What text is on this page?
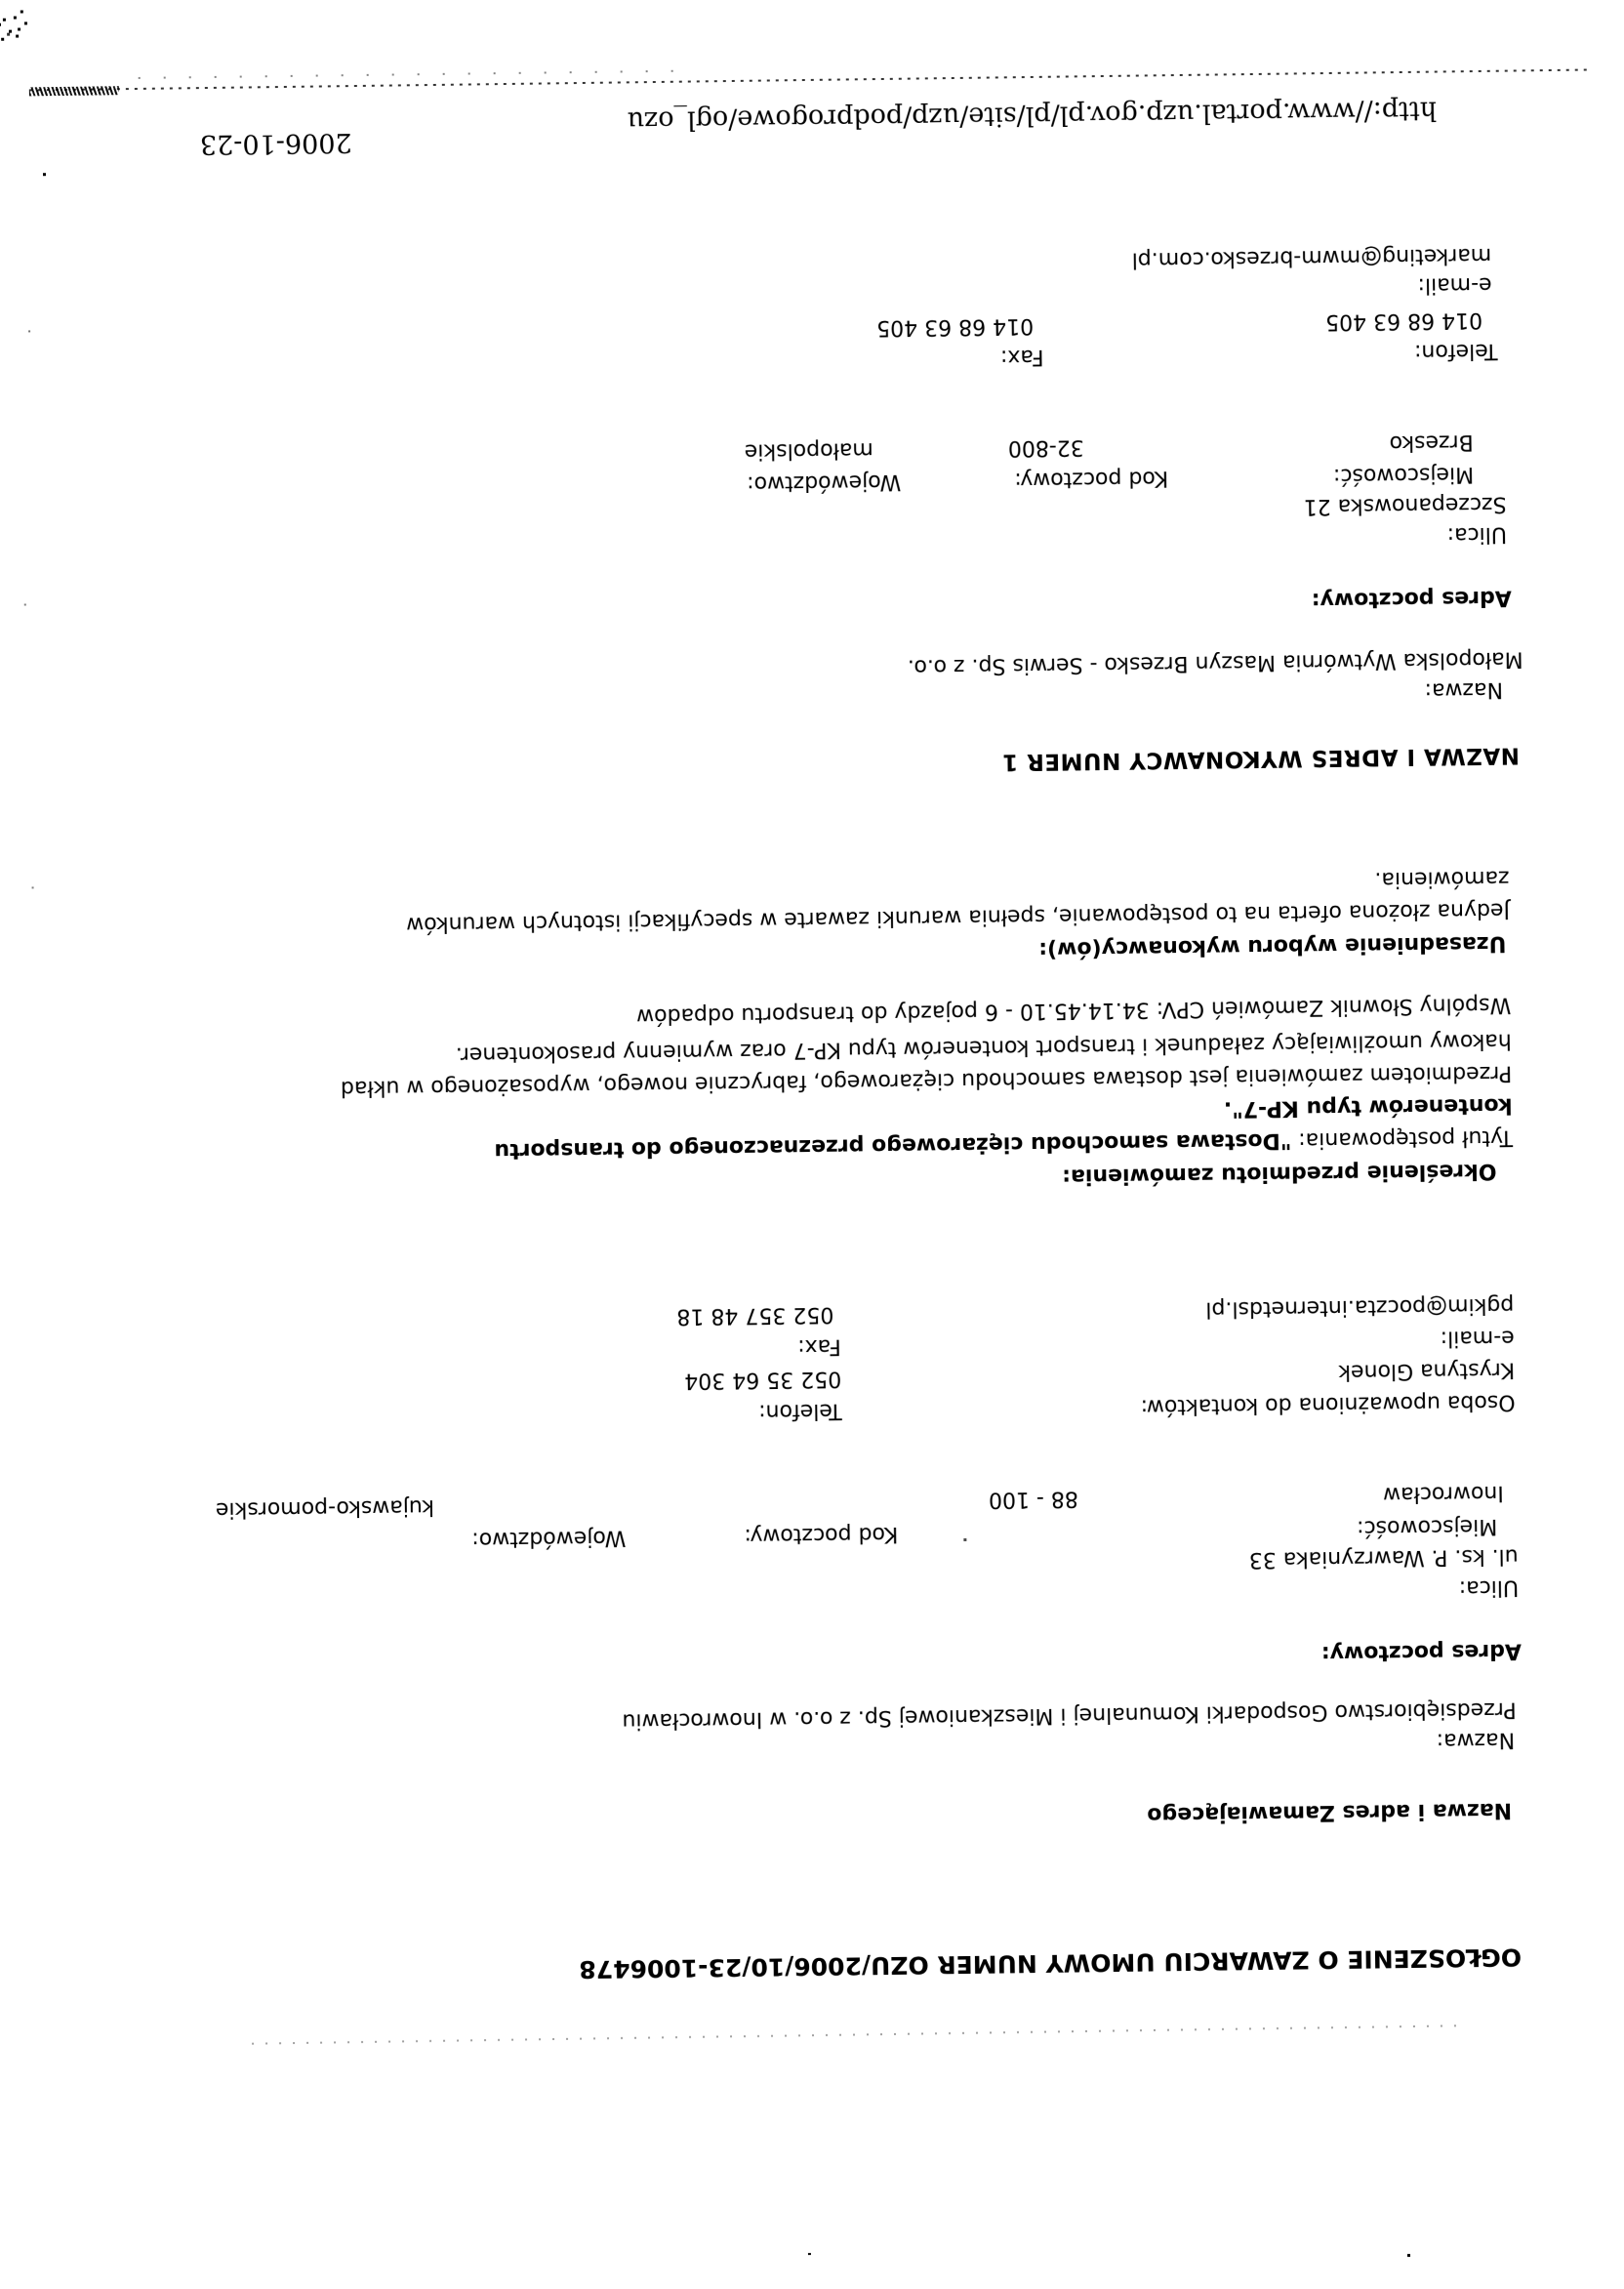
OGŁOSZENIE O ZAWARCIU UMOWY NUMER OZU/2006/10/23-1006478
Nazwa i adres Zamawiającego
Nazwa:
Przedsiębiorstwo Gospodarki Komunalnej i Mieszkaniowej Sp. z o.o. w Inowrocławiu
Adres pocztowy:
Ulica:
ul. ks. P. Wawrzyniaka 33
Miejscowość:
Kod pocztowy:
Województwo:
Inowrocław
88 - 100
kujawsko-pomorskie
Osoba upoważniona do kontaktów:
Telefon:
Krystyna Glonek
052 35 64 304
e-mail:
Fax:
pgkim@poczta.internetdsl.pl
052 357 48 18
Określenie przedmiotu zamówienia:
Tytuł postępowania: "Dostawa samochodu ciężarowego przeznaczonego do transportu
kontenerów typu KP-7".
Przedmiotem zamówienia jest dostawa samochodu ciężarowego, fabrycznie nowego, wyposażonego w układ
hakowy umożliwiający załadunek i transport kontenerów typu KP-7 oraz wymienny prasokontener.
Wspólny Słownik Zamówień CPV: 34.14.45.10 - 6 pojazdy do transportu odpadów
Uzasadnienie wyboru wykonawcy(ów):
Jedyna złożona oferta na to postępowanie, spełnia warunki zawarte w specyfikacji istotnych warunków
zamówienia.
NAZWA I ADRES WYKONAWCY NUMER 1
Nazwa:
Małopolska Wytwórnia Maszyn Brzesko - Serwis Sp. z o.o.
Adres pocztowy:
Ulica:
Szczepanowska 21
Miejscowość:
Kod pocztowy:
Województwo:
Brzesko
32-800
małopolskie
Telefon:
Fax:
014 68 63 405
014 68 63 405
e-mail:
marketing@mwm-brzesko.com.pl
http://www.portal.uzp.gov.pl/pl/site/uzp/podprogowe/ogl_ozu
2006-10-23
